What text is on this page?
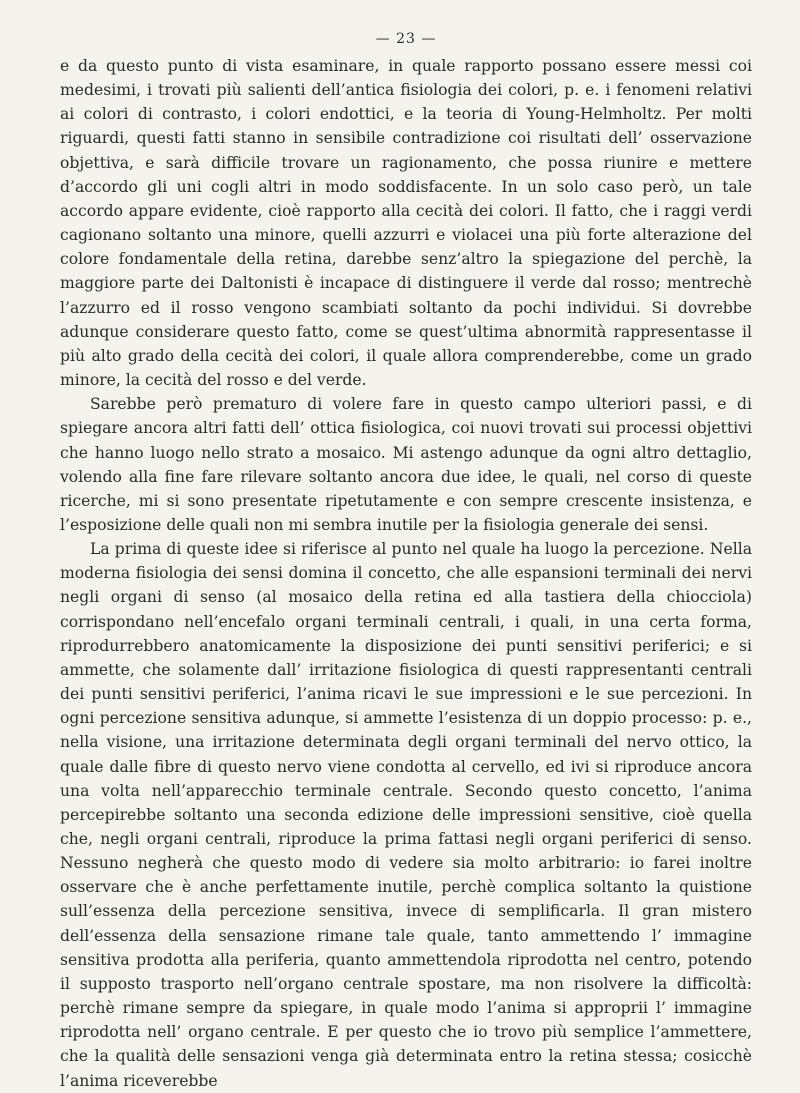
— 23 —

e da questo punto di vista esaminare, in quale rapporto possano essere messi coi medesimi, i trovati più salienti dell’antica fisiologia dei colori, p. e. i fenomeni relativi ai colori di contrasto, i colori endottici, e la teoria di Young-Helmholtz. Per molti riguardi, questi fatti stanno in sensibile contradizione coi risultati dell’ osservazione objettiva, e sarà difficile trovare un ragionamento, che possa riunire e mettere d’accordo gli uni cogli altri in modo soddisfacente. In un solo caso però, un tale accordo appare evidente, cioè rapporto alla cecità dei colori. Il fatto, che i raggi verdi cagionano soltanto una minore, quelli azzurri e violacei una più forte alterazione del colore fondamentale della retina, darebbe senz’altro la spiegazione del perchè, la maggiore parte dei Daltonisti è incapace di distinguere il verde dal rosso; mentrechè l’azzurro ed il rosso vengono scambiati soltanto da pochi individui. Si dovrebbe adunque considerare questo fatto, come se quest’ultima abnormità rappresentasse il più alto grado della cecità dei colori, il quale allora comprenderebbe, come un grado minore, la cecità del rosso e del verde.

Sarebbe però prematuro di volere fare in questo campo ulteriori passi, e di spiegare ancora altri fatti dell’ ottica fisiologica, coi nuovi trovati sui processi objettivi che hanno luogo nello strato a mosaico. Mi astengo adunque da ogni altro dettaglio, volendo alla fine fare rilevare soltanto ancora due idee, le quali, nel corso di queste ricerche, mi si sono presentate ripetutamente e con sempre crescente insistenza, e l’esposizione delle quali non mi sembra inutile per la fisiologia generale dei sensi.

La prima di queste idee si riferisce al punto nel quale ha luogo la percezione. Nella moderna fisiologia dei sensi domina il concetto, che alle espansioni terminali dei nervi negli organi di senso (al mosaico della retina ed alla tastiera della chiocciola) corrispondano nell’encefalo organi terminali centrali, i quali, in una certa forma, riprodurrebbero anatomicamente la disposizione dei punti sensitivi periferici; e si ammette, che solamente dall’ irritazione fisiologica di questi rappresentanti centrali dei punti sensitivi periferici, l’anima ricavi le sue impressioni e le sue percezioni. In ogni percezione sensitiva adunque, si ammette l’esistenza di un doppio processo: p. e., nella visione, una irritazione determinata degli organi terminali del nervo ottico, la quale dalle fibre di questo nervo viene condotta al cervello, ed ivi si riproduce ancora una volta nell’apparecchio terminale centrale. Secondo questo concetto, l’anima percepirebbe soltanto una seconda edizione delle impressioni sensitive, cioè quella che, negli organi centrali, riproduce la prima fattasi negli organi periferici di senso. Nessuno negherà che questo modo di vedere sia molto arbitrario: io farei inoltre osservare che è anche perfettamente inutile, perchè complica soltanto la quistione sull’essenza della percezione sensitiva, invece di semplificarla. Il gran mistero dell’essenza della sensazione rimane tale quale, tanto ammettendo l’ immagine sensitiva prodotta alla periferia, quanto ammettendola riprodotta nel centro, potendo il supposto trasporto nell’organo centrale spostare, ma non risolvere la difficoltà: perchè rimane sempre da spiegare, in quale modo l’anima si approprii l’ immagine riprodotta nell’ organo centrale. E per questo che io trovo più semplice l’ammettere, che la qualità delle sensazioni venga già determinata entro la retina stessa; cosicchè l’anima riceverebbe
